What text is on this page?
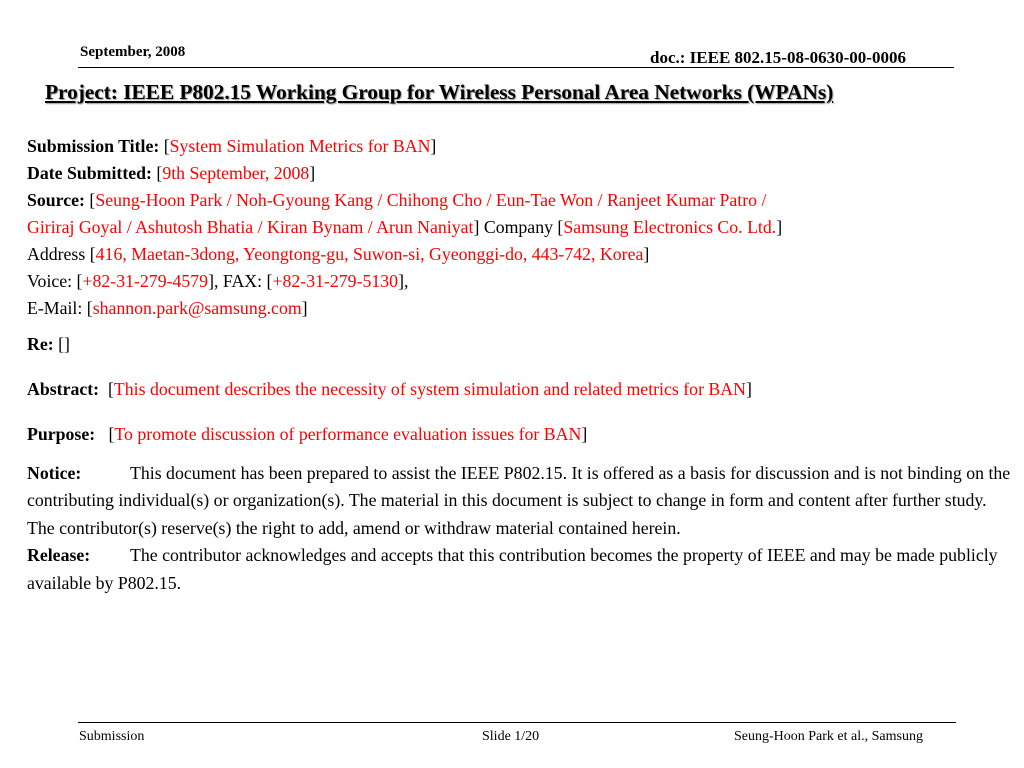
September, 2008	doc.: IEEE 802.15-08-0630-00-0006
Project: IEEE P802.15 Working Group for Wireless Personal Area Networks (WPANs)
Submission Title: [System Simulation Metrics for BAN]
Date Submitted: [9th September, 2008]
Source: [Seung-Hoon Park / Noh-Gyoung Kang / Chihong Cho / Eun-Tae Won / Ranjeet Kumar Patro /
Giriraj Goyal / Ashutosh Bhatia / Kiran Bynam / Arun Naniyat] Company [Samsung Electronics Co. Ltd.]
Address [416, Maetan-3dong, Yeongtong-gu, Suwon-si, Gyeonggi-do, 443-742, Korea]
Voice: [+82-31-279-4579], FAX: [+82-31-279-5130],
E-Mail: [shannon.park@samsung.com]
Re: []
Abstract:  [This document describes the necessity of system simulation and related metrics for BAN]
Purpose:   [To promote discussion of performance evaluation issues for BAN]
Notice:	This document has been prepared to assist the IEEE P802.15. It is offered as a basis for discussion and is not binding on the contributing individual(s) or organization(s). The material in this document is subject to change in form and content after further study. The contributor(s) reserve(s) the right to add, amend or withdraw material contained herein.
Release: The contributor acknowledges and accepts that this contribution becomes the property of IEEE and may be made publicly available by P802.15.
Submission	Slide 1/20	Seung-Hoon Park et al., Samsung
